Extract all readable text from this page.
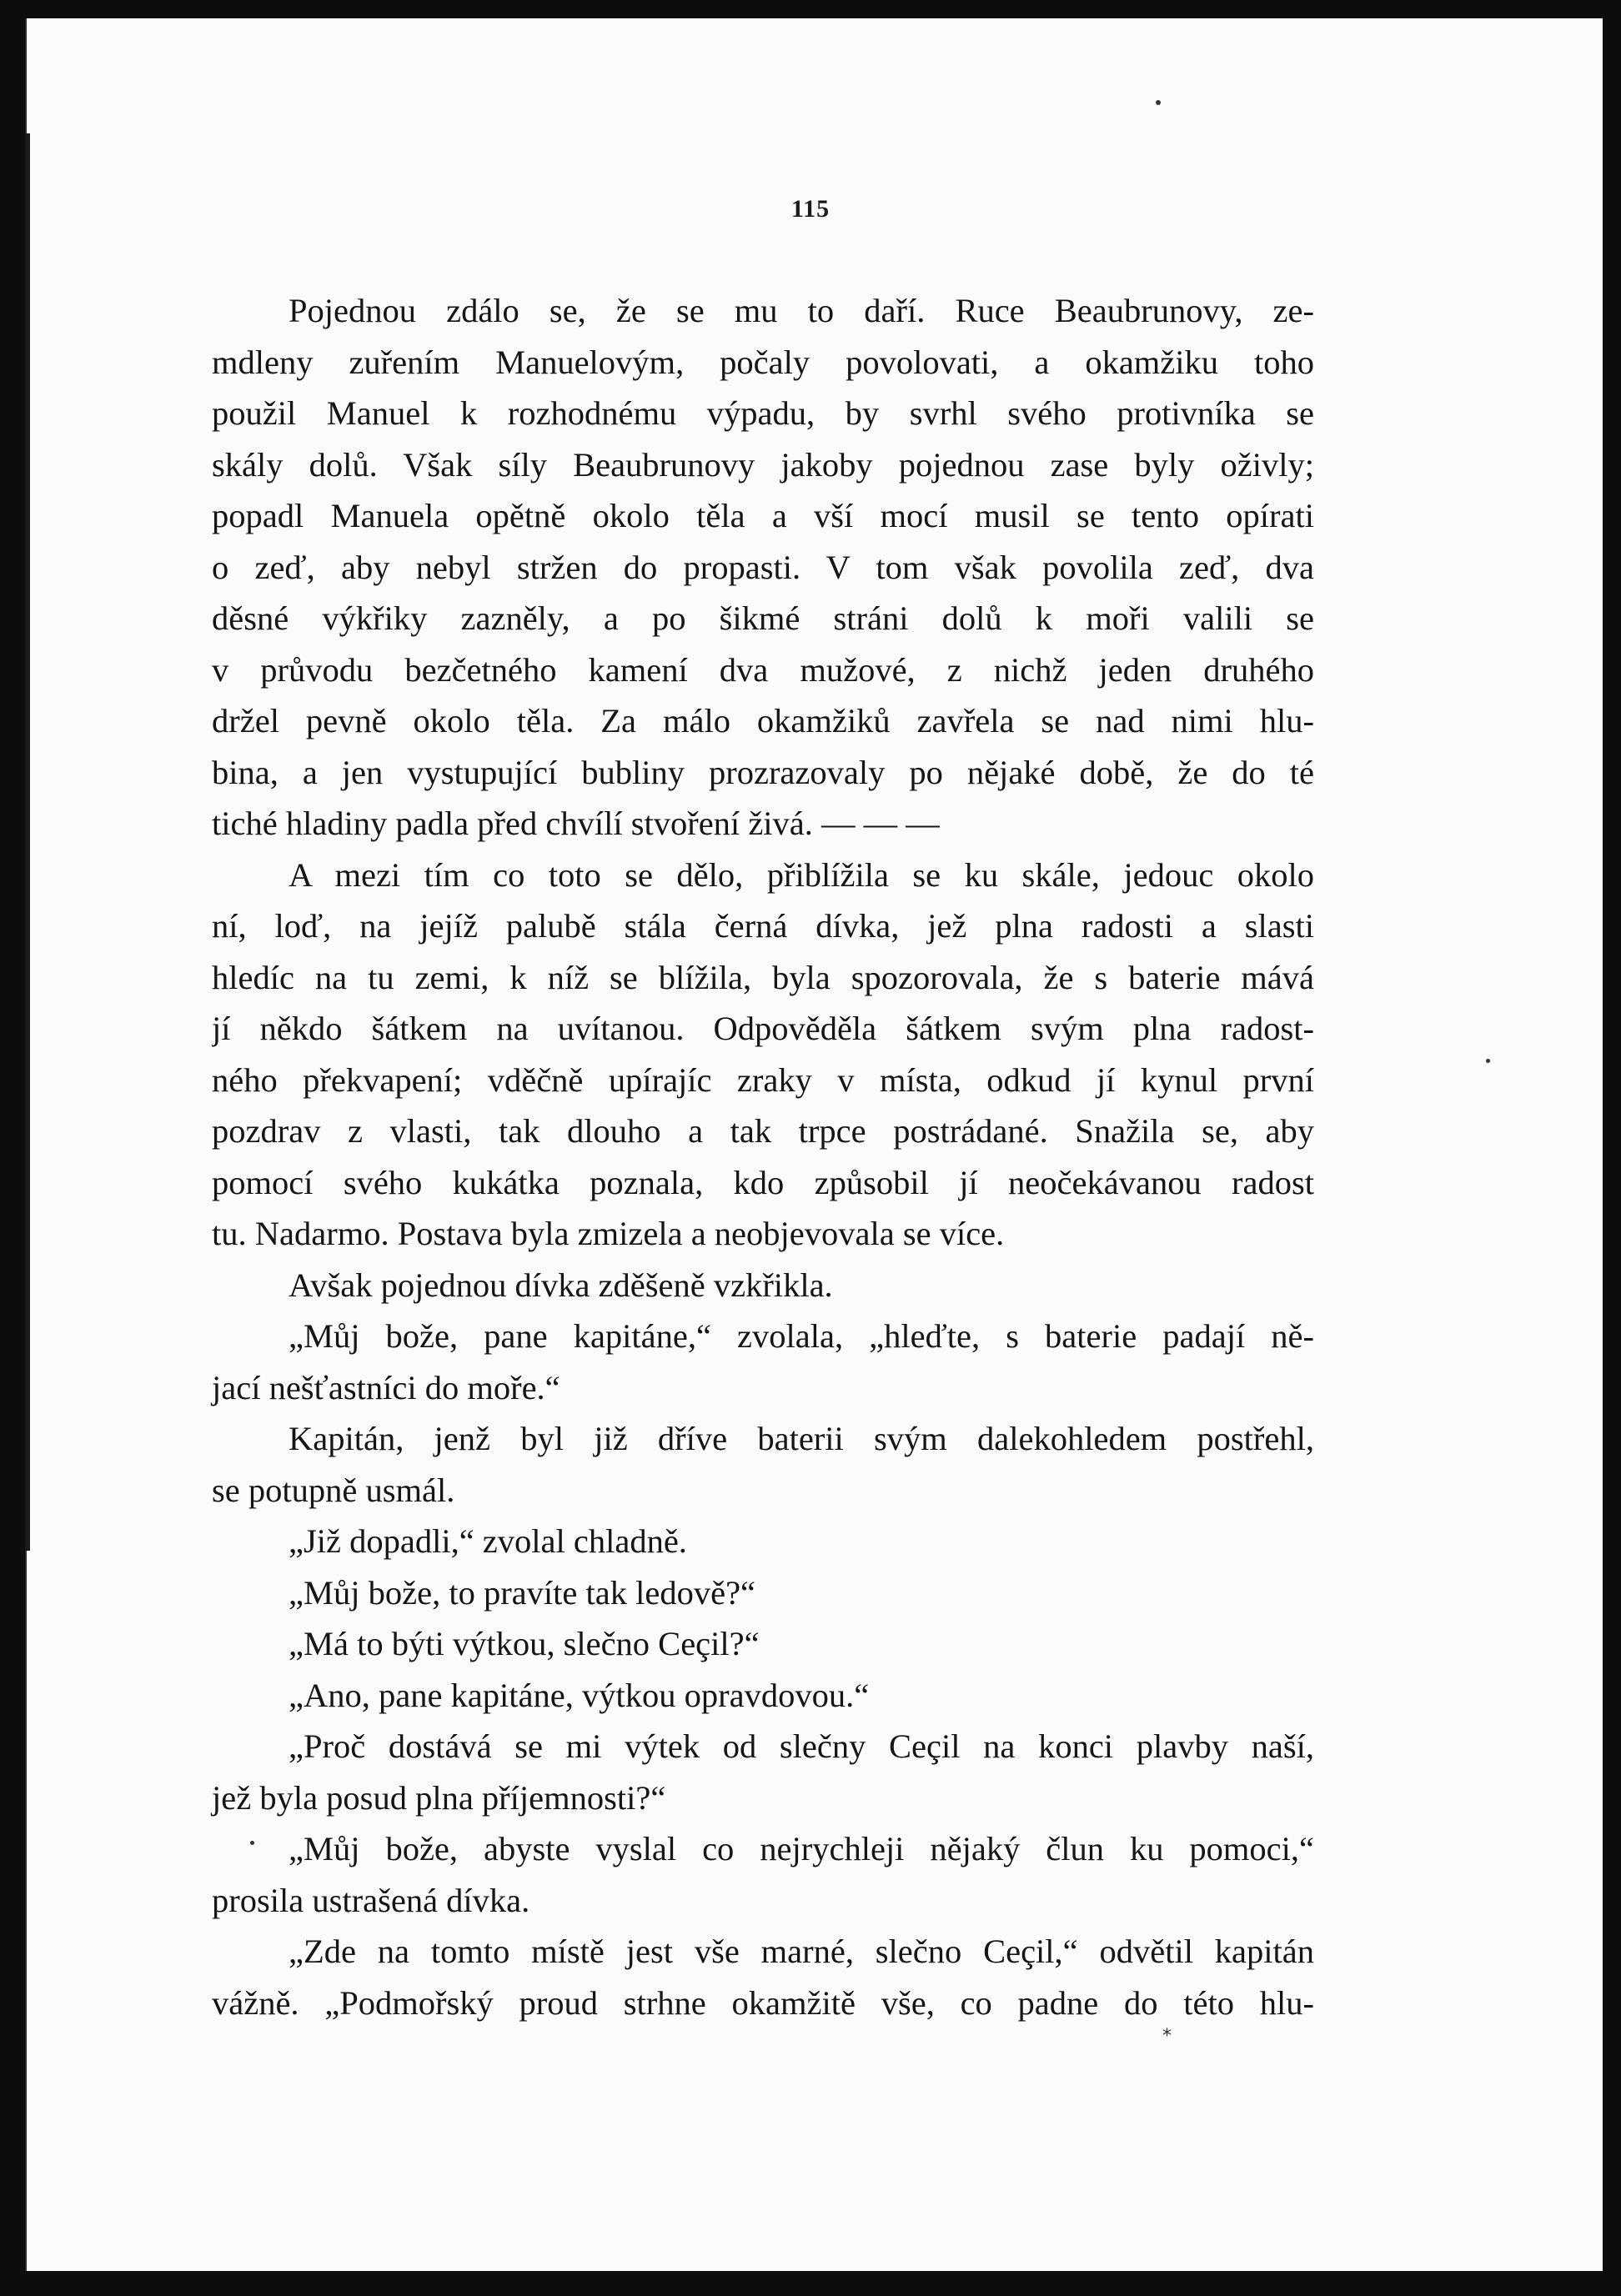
115
Pojednou zdálo se, že se mu to daří. Ruce Beaubrunovy, ze-
mdleny zuřením Manuelovým, počaly povolovati, a okamžiku toho
použil Manuel k rozhodnému výpadu, by svrhl svého protivníka se
skály dolů. Však síly Beaubrunovy jakoby pojednou zase byly oživly;
popadl Manuela opětně okolo těla a vší mocí musil se tento opírati
o zeď, aby nebyl stržen do propasti. V tom však povolila zeď, dva
děsné výkřiky zazněly, a po šikmé stráni dolů k moři valili se
v průvodu bezčetného kamení dva mužové, z nichž jeden druhého
držel pevně okolo těla. Za málo okamžiků zavřela se nad nimi hlu-
bina, a jen vystupující bubliny prozrazovaly po nějaké době, že do té
tiché hladiny padla před chvílí stvoření živá. — — —
A mezi tím co toto se dělo, přiblížila se ku skále, jedouc okolo
ní, loď, na jejíž palubě stála černá dívka, jež plna radosti a slasti
hledíc na tu zemi, k níž se blížila, byla spozorovala, že s baterie mává
jí někdo šátkem na uvítanou. Odpověděla šátkem svým plna radost-
ného překvapení; vděčně upírajíc zraky v místa, odkud jí kynul první
pozdrav z vlasti, tak dlouho a tak trpce postrádané. Snažila se, aby
pomocí svého kukátka poznala, kdo způsobil jí neočekávanou radost
tu. Nadarmo. Postava byla zmizela a neobjevovala se více.
Avšak pojednou dívka zděšeně vzkřikla.
„Můj bože, pane kapitáne,“ zvolala, „hleďte, s baterie padají ně-
jací nešťastníci do moře.“
Kapitán, jenž byl již dříve baterii svým dalekohledem postřehl,
se potupně usmál.
„Již dopadli,“ zvolal chladně.
„Můj bože, to pravíte tak ledově?“
„Má to býti výtkou, slečno Ceçil?“
„Ano, pane kapitáne, výtkou opravdovou.“
„Proč dostává se mi výtek od slečny Ceçil na konci plavby naší,
jež byla posud plna příjemnosti?“
„Můj bože, abyste vyslal co nejrychleji nějaký člun ku pomoci,“
prosila ustrašená dívka.
„Zde na tomto místě jest vše marné, slečno Ceçil,“ odvětil kapitán
vážně. „Podmořský proud strhne okamžitě vše, co padne do této hlu-
*
